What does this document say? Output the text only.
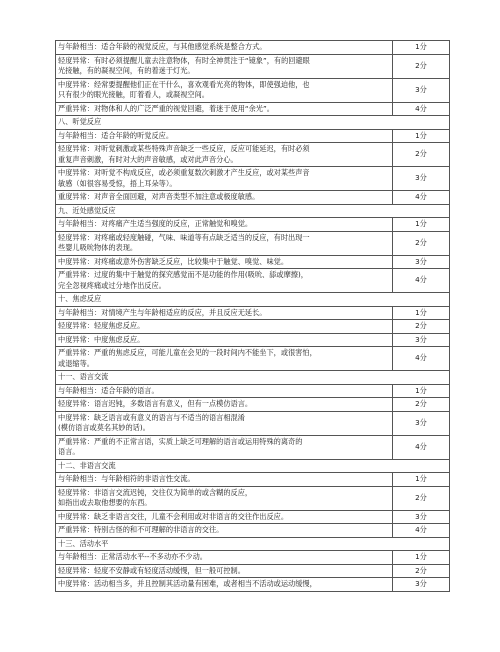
与年龄相当：适合年龄的视觉反应，与其他感觉系统是整合方式。	1分

轻度异常：有时必须提醒儿童去注意物体，有时全神贯注于“镜象”，有的回避眼
光接触，有的凝视空间，有的着迷于灯光。	2分

中度异常：经常要提醒他们正在干什么，喜欢观看光亮的物体，即使强迫他，也
只有很少的眼光接触，盯着看人，或凝视空间。	3分

严重异常：对物体和人的广泛严重的视觉回避，着迷于使用“余光”。	4分
八、听觉反应	

与年龄相当：适合年龄的听觉反应。	1分

轻度异常：对听觉刺激或某些特殊声音缺乏一些反应，反应可能延迟，有时必须
重复声音刺激，有时对大的声音敏感，或对此声音分心。	2分

中度异常：对听觉不构成反应，或必须重复数次刺激才产生反应，或对某些声音
敏感（如很容易受惊，捂上耳朵等）。	3分

重度异常：对声音全面回避，对声音类型不加注意或极度敏感。	4分
九、近处感觉反应	

与年龄相当：对疼痛产生适当强度的反应，正常触觉和嗅觉。	1分

轻度异常：对疼痛或轻度触碰，气味、味道等有点缺乏适当的反应，有时出现一
些婴儿吸吮物体的表现。	2分

中度异常：对疼痛或意外伤害缺乏反应，比较集中于触觉、嗅觉、味觉。	3分

严重异常：过度的集中于触觉的探究感觉而不是功能的作用(吸吮、舔或摩擦)，
完全忽视疼痛或过分地作出反应。	4分
十、焦虑反应	

与年龄相当：对情境产生与年龄相适应的反应，并且反应无延长。	1分

轻度异常：轻度焦虑反应。	2分

中度异常：中度焦虑反应。	3分

严重异常：严重的焦虑反应，可能儿童在会见的一段时间内不能坐下，或很害怕，
或退缩等。	4分
十一、语言交流	

与年龄相当：适合年龄的语言。	1分

轻度异常：语言迟钝，多数语言有意义，但有一点模仿语言。	2分

中度异常：缺乏语言或有意义的语言与不适当的语言相混淆
(模仿语言或莫名其妙的话)。	3分

严重异常：严重的不正常言语，实质上缺乏可理解的语言或运用特殊的离奇的
语言。	4分
十二、非语言交流	

与年龄相当：与年龄相符的非语言性交流。	1分

轻度异常：非语言交流迟钝，交往仅为简单的或含糊的反应，
如指出或去取他想要的东西。	2分

中度异常：缺乏非语言交往，儿童不会利用或对非语言的交往作出反应。	3分

严重异常：特别古怪的和不可理解的非语言的交往。	4分
十三、活动水平	

与年龄相当：正常活动水平--不多动亦不少动。	1分

轻度异常：轻度不安静或有轻度活动缓慢，但一般可控制。	2分

中度异常：活动相当多，并且控制其活动量有困难，或者相当不活动或运动缓慢，	3分
